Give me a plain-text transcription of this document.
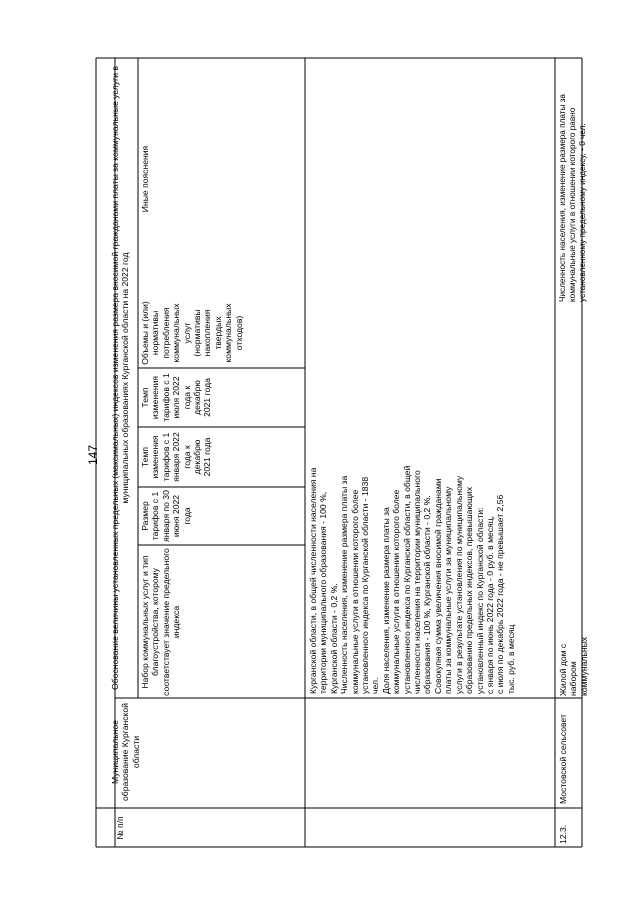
147 Обоснование величины установленных предельных (максимальных) индексов изменения размера вносимой гражданами платы за коммунальные услуги в муниципальных образованиях Курганской области на 2022 год

№ п/п

Муниципальное образование Курганской области

Набор коммунальных услуг и тип благоустройства, которому соответствует значение предельного индекса

Размер тарифов с 1 января по 30 июня 2022 года

Темп изменения тарифов с 1 января 2022 года к декабрю 2021 года

Темп изменения тарифов с 1 июля 2022 года к декабрю 2021 года

Объемы и (или) нормативы потребления коммунальных услуг (нормативы накопления твердых коммунальных отходов)

Иные пояснения

Курганской области, в общей численности населения на территории муниципального образования - 100 %, Курганской области - 0,2 %. Численность населения, изменение размера платы за коммунальные услуги в отношении которого более установленного индекса по Курганской области - 1838 чел. Доля населения, изменение размера платы за коммунальные услуги в отношении которого более установленного индекса по Курганской области, в общей численности населения на территории муниципального образования - 100 %, Курганской области - 0,2 %. Совокупная сумма увеличения вносимой гражданами платы за коммунальные услуги за муниципальному услуги в результате установления по муниципальному образованию предельных индексов, превышающих установленный индекс по Курганской области: с января по июнь 2022 года - 0 руб. в месяц, с июля по декабрь 2022 года - не превышает 2,56 тыс. руб. в месяц

12.3.

Мостовской сельсовет

Жилой дом с набором коммунальных

Численность населения, изменение размера платы за коммунальные услуги в отношении которого равно установленному предельному индексу, - 0 чел.
